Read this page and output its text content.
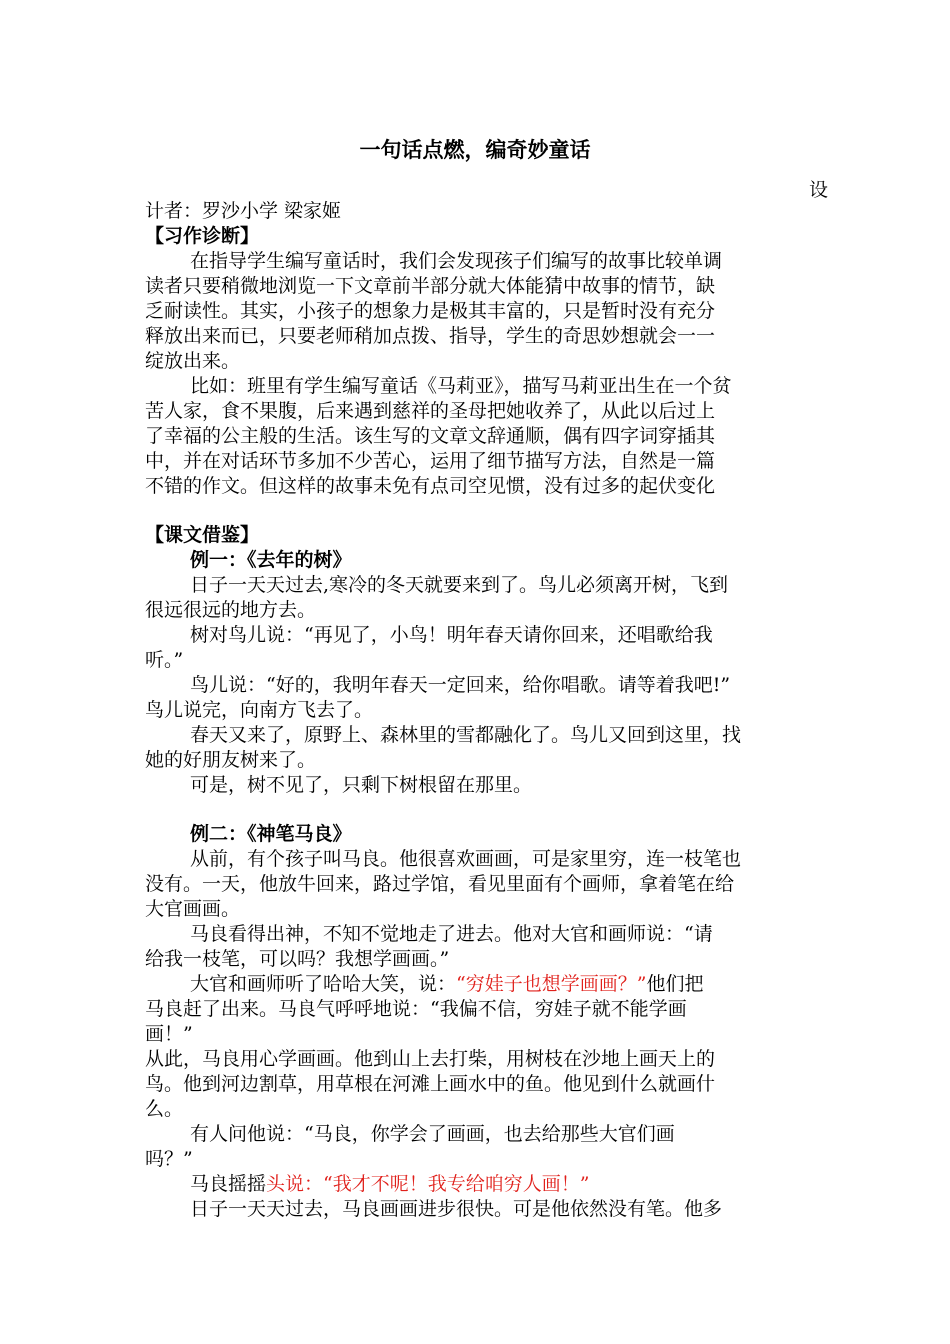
一句话点燃，编奇妙童话
设
计者：罗沙小学 梁家姬
【习作诊断】
在指导学生编写童话时，我们会发现孩子们编写的故事比较单调
读者只要稍微地浏览一下文章前半部分就大体能猜中故事的情节，缺
乏耐读性。其实，小孩子的想象力是极其丰富的，只是暂时没有充分
释放出来而已，只要老师稍加点拨、指导，学生的奇思妙想就会一一
绽放出来。
比如：班里有学生编写童话《马莉亚》，描写马莉亚出生在一个贫
苦人家，食不果腹，后来遇到慈祥的圣母把她收养了，从此以后过上
了幸福的公主般的生活。该生写的文章文辞通顺，偶有四字词穿插其
中，并在对话环节多加不少苦心，运用了细节描写方法，自然是一篇
不错的作文。但这样的故事未免有点司空见惯，没有过多的起伏变化
【课文借鉴】
例一：《去年的树》
日子一天天过去,寒冷的冬天就要来到了。鸟儿必须离开树，飞到
很远很远的地方去。
树对鸟儿说：“再见了，小鸟！明年春天请你回来，还唱歌给我
听。”
鸟儿说：“好的，我明年春天一定回来，给你唱歌。请等着我吧!”
鸟儿说完，向南方飞去了。
春天又来了，原野上、森林里的雪都融化了。鸟儿又回到这里，找
她的好朋友树来了。
可是，树不见了，只剩下树根留在那里。
例二：《神笔马良》
从前，有个孩子叫马良。他很喜欢画画，可是家里穷，连一枝笔也
没有。一天，他放牛回来，路过学馆，看见里面有个画师，拿着笔在给
大官画画。
马良看得出神，不知不觉地走了进去。他对大官和画师说：“请
给我一枝笔，可以吗？我想学画画。”
大官和画师听了哈哈大笑，说：“穷娃子也想学画画？”他们把
马良赶了出来。马良气呼呼地说：“我偏不信，穷娃子就不能学画
画！”
从此，马良用心学画画。他到山上去打柴，用树枝在沙地上画天上的
鸟。他到河边割草，用草根在河滩上画水中的鱼。他见到什么就画什
么。
有人问他说：“马良，你学会了画画，也去给那些大官们画
吗？”
马良摇摇头说：“我才不呢！我专给咱穷人画！”
日子一天天过去，马良画画进步很快。可是他依然没有笔。他多
